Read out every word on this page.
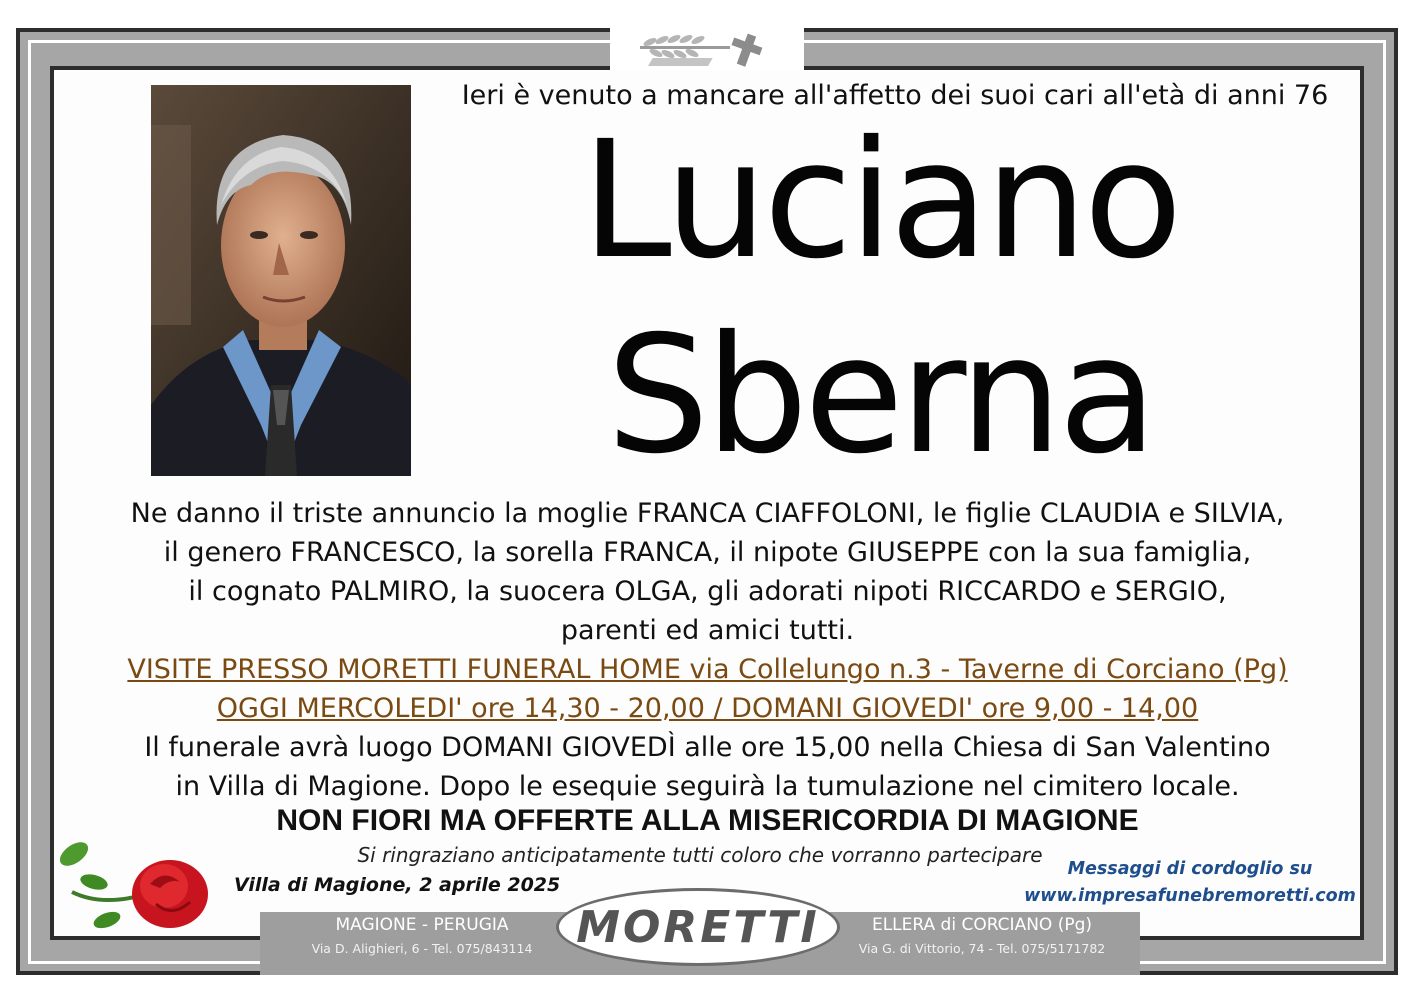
Ieri è venuto a mancare all'affetto dei suoi cari all'età di anni 76
Luciano
Sberna
Ne danno il triste annuncio la moglie FRANCA CIAFFOLONI, le figlie CLAUDIA e SILVIA,
il genero FRANCESCO, la sorella FRANCA, il nipote GIUSEPPE con la sua famiglia,
il cognato PALMIRO, la suocera OLGA, gli adorati nipoti RICCARDO e SERGIO,
parenti ed amici tutti.
VISITE PRESSO MORETTI FUNERAL HOME via Collelungo n.3 - Taverne di Corciano (Pg)
OGGI MERCOLEDI' ore 14,30 - 20,00 / DOMANI GIOVEDI' ore 9,00 - 14,00
Il funerale avrà luogo DOMANI GIOVEDÌ alle ore 15,00 nella Chiesa di San Valentino
in Villa di Magione. Dopo le esequie seguirà la tumulazione nel cimitero locale.
NON FIORI MA OFFERTE ALLA MISERICORDIA DI MAGIONE
Si ringraziano anticipatamente tutti coloro che vorranno partecipare
Villa di Magione, 2 aprile 2025
Messaggi di cordoglio su
www.impresafunebremoretti.com
MAGIONE - PERUGIA
Via D. Alighieri, 6 - Tel. 075/843114 MORETTI	ELLERA di CORCIANO (Pg)
Via G. di Vittorio, 74 - Tel. 075/5171782
